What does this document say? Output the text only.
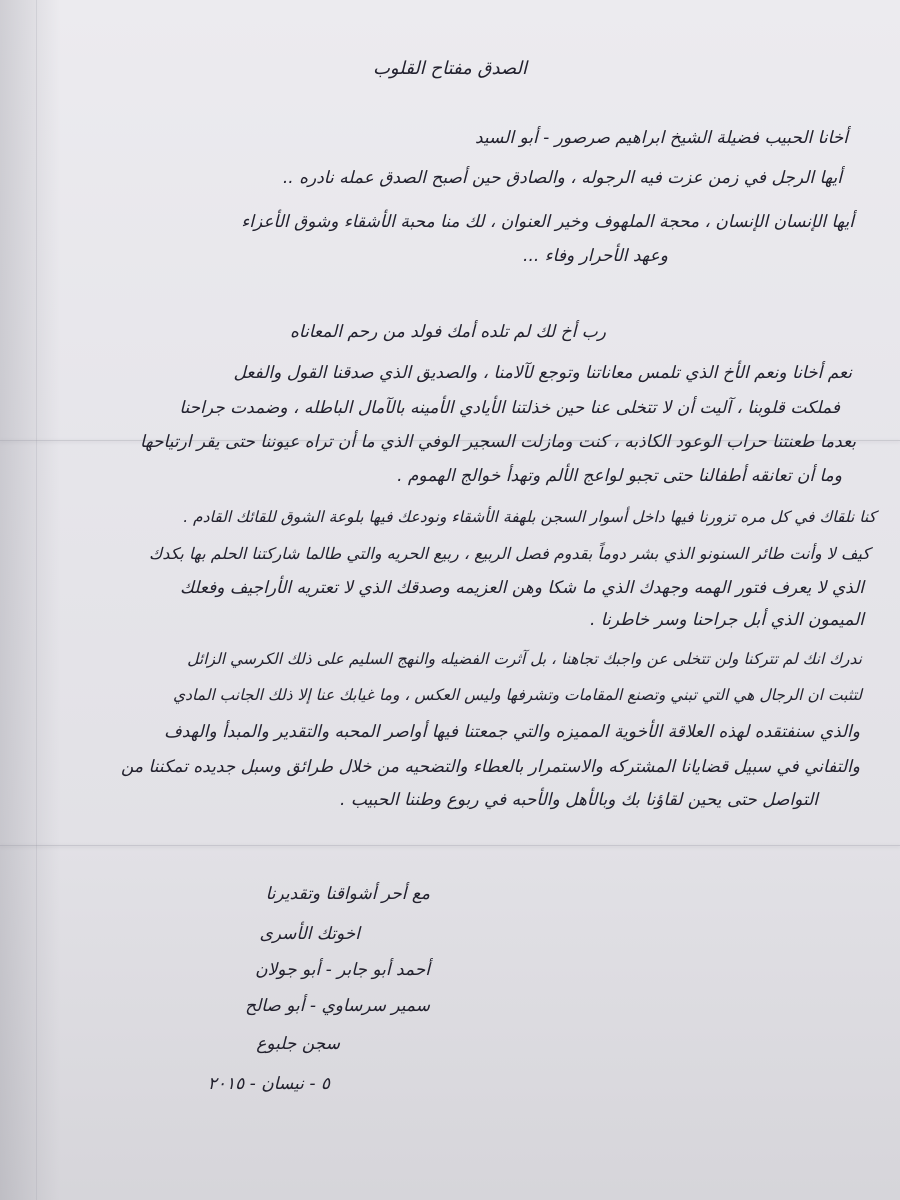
الصدق مفتاح القلوب
أخانا الحبيب فضيلة الشيخ ابراهيم صرصور - أبو السيد
أيها الرجل في زمن عزت فيه الرجوله ، والصادق حين أصبح الصدق عمله نادره ..
أيها الإنسان الإنسان ، محجة الملهوف وخير العنوان ، لك منا محبة الأشقاء وشوق الأعزاء
وعهد الأحرار وفاء ...
رب أخ لك لم تلده أمك فولد من رحم المعاناه
نعم أخانا ونعم الأخ الذي تلمس معاناتنا وتوجع لآلامنا ، والصديق الذي صدقنا القول والفعل
فملكت قلوبنا ، آليت أن لا تتخلى عنا حين خذلتنا الأيادي الأمينه بالآمال الباطله ، وضمدت جراحنا
بعدما طعنتنا حراب الوعود الكاذبه ، كنت ومازلت السجير الوفي الذي ما أن تراه عيوننا حتى يقر ارتياحها
وما أن تعانقه أطفالنا حتى تجبو لواعج الألم وتهدأ خوالج الهموم .
كنا نلقاك في كل مره تزورنا فيها داخل أسوار السجن بلهفة الأشقاء ونودعك فيها بلوعة الشوق للقائك القادم .
كيف لا وأنت طائر السنونو الذي بشر دوماً بقدوم فصل الربيع ، ربيع الحريه والتي طالما شاركتنا الحلم بها بكدك
الذي لا يعرف فتور الهمه وجهدك الذي ما شكا وهن العزيمه وصدقك الذي لا تعتريه الأراجيف وفعلك
الميمون الذي أبل جراحنا وسر خاطرنا .
ندرك انك لم تتركنا ولن تتخلى عن واجبك تجاهنا ، بل آثرت الفضيله والنهج السليم على ذلك الكرسي الزائل
لتثبت ان الرجال هي التي تبني وتصنع المقامات وتشرفها وليس العكس ، وما غيابك عنا إلا ذلك الجانب المادي
والذي سنفتقده لهذه العلاقة الأخوية المميزه والتي جمعتنا فيها أواصر المحبه والتقدير والمبدأ والهدف
والتفاني في سبيل قضايانا المشتركه والاستمرار بالعطاء والتضحيه من خلال طرائق وسبل جديده تمكننا من
التواصل حتى يحين لقاؤنا بك وبالأهل والأحبه في ربوع وطننا الحبيب .
مع أحر أشواقنا وتقديرنا
اخوتك الأسرى
أحمد أبو جابر - أبو جولان
سمير سرساوي - أبو صالح
سجن جلبوع
٥ - نيسان - ٢٠١٥
